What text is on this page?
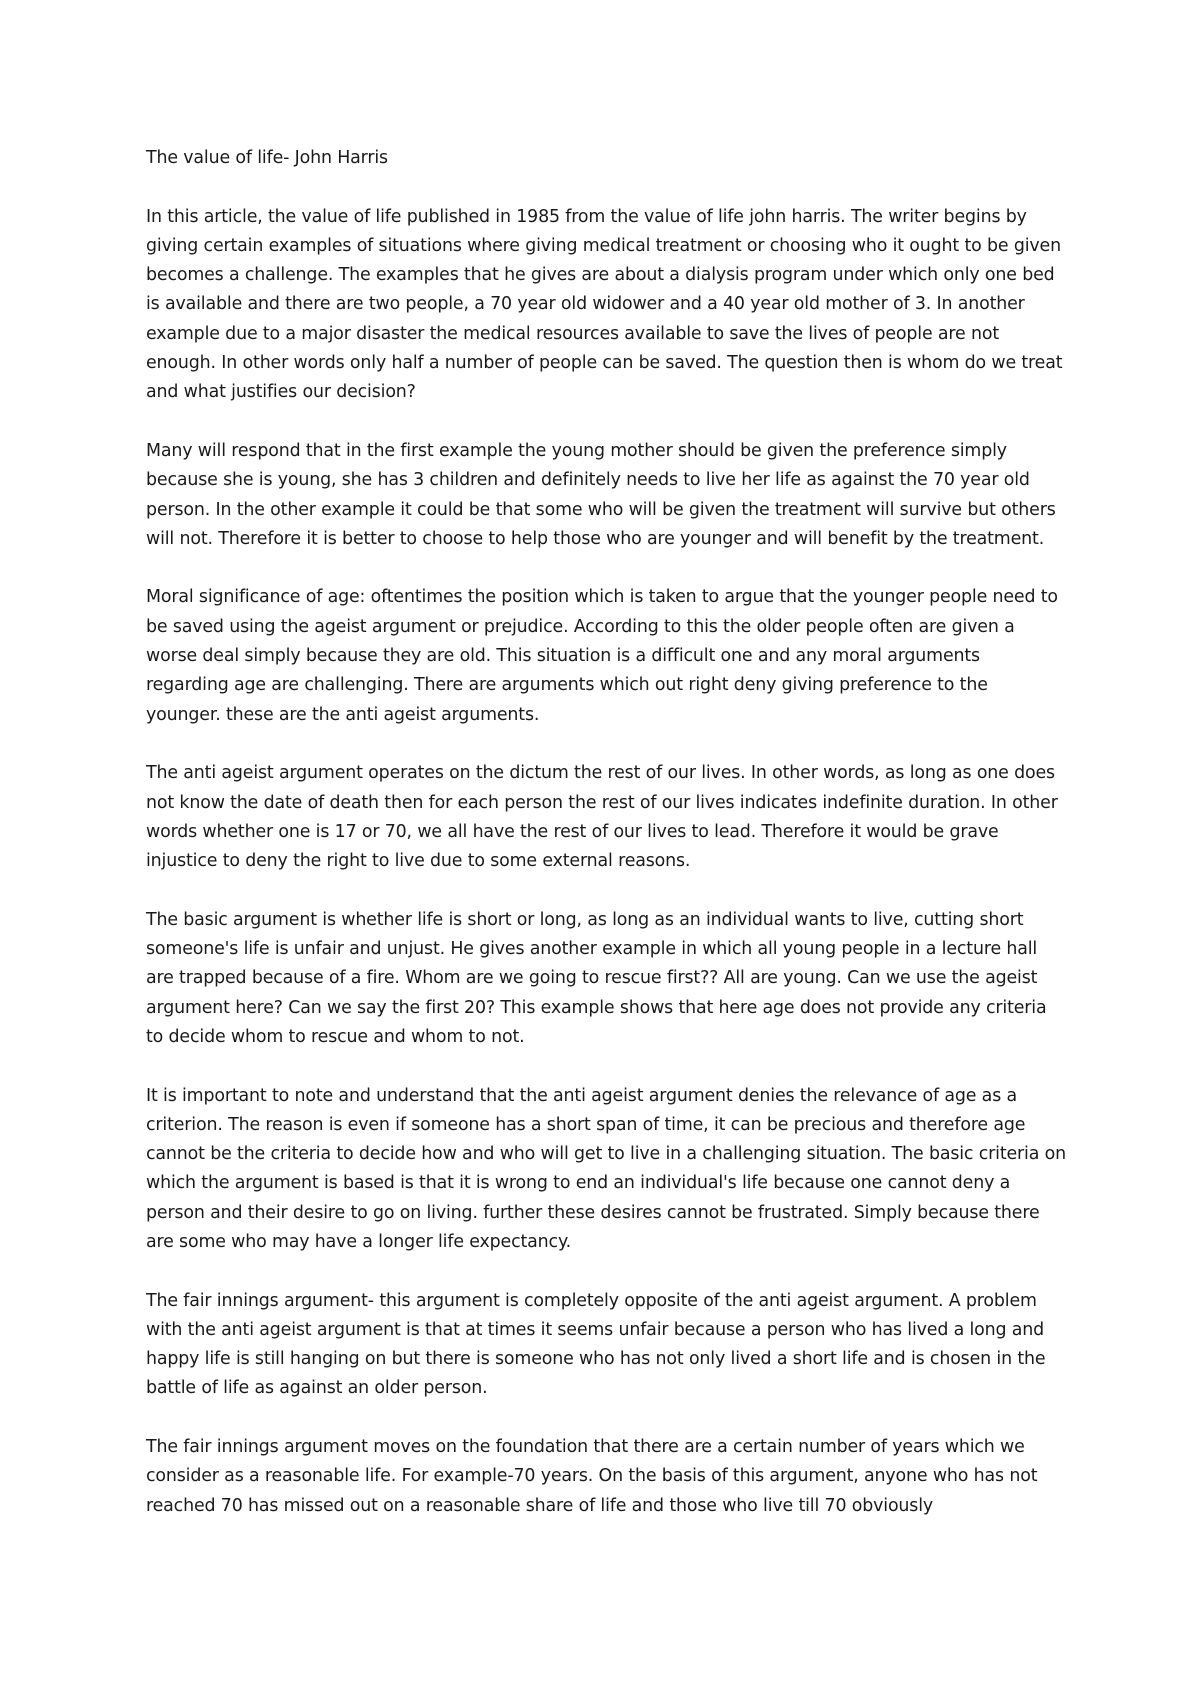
The value of life- John Harris

In this article, the value of life published in 1985 from the value of life john harris. The writer begins by giving certain examples of situations where giving medical treatment or choosing who it ought to be given becomes a challenge. The examples that he gives are about a dialysis program under which only one bed is available and there are two people, a 70 year old widower and a 40 year old mother of 3. In another example due to a major disaster the medical resources available to save the lives of people are not enough. In other words only half a number of people can be saved. The question then is whom do we treat and what justifies our decision?

Many will respond that in the first example the young mother should be given the preference simply because she is young, she has 3 children and definitely needs to live her life as against the 70 year old person. In the other example it could be that some who will be given the treatment will survive but others will not. Therefore it is better to choose to help those who are younger and will benefit by the treatment.

Moral significance of age: oftentimes the position which is taken to argue that the younger people need to be saved using the ageist argument or prejudice. According to this the older people often are given a worse deal simply because they are old. This situation is a difficult one and any moral arguments regarding age are challenging. There are arguments which out right deny giving preference to the younger. these are the anti ageist arguments.

The anti ageist argument operates on the dictum the rest of our lives. In other words, as long as one does not know the date of death then for each person the rest of our lives indicates indefinite duration. In other words whether one is 17 or 70, we all have the rest of our lives to lead. Therefore it would be grave injustice to deny the right to live due to some external reasons.

The basic argument is whether life is short or long, as long as an individual wants to live, cutting short someone's life is unfair and unjust. He gives another example in which all young people in a lecture hall are trapped because of a fire. Whom are we going to rescue first?? All are young. Can we use the ageist argument here? Can we say the first 20? This example shows that here age does not provide any criteria to decide whom to rescue and whom to not.

It is important to note and understand that the anti ageist argument denies the relevance of age as a criterion. The reason is even if someone has a short span of time, it can be precious and therefore age cannot be the criteria to decide how and who will get to live in a challenging situation. The basic criteria on which the argument is based is that it is wrong to end an individual's life because one cannot deny a person and their desire to go on living. further these desires cannot be frustrated. Simply because there are some who may have a longer life expectancy.

The fair innings argument- this argument is completely opposite of the anti ageist argument. A problem with the anti ageist argument is that at times it seems unfair because a person who has lived a long and happy life is still hanging on but there is someone who has not only lived a short life and is chosen in the battle of life as against an older person.

The fair innings argument moves on the foundation that there are a certain number of years which we consider as a reasonable life. For example-70 years. On the basis of this argument, anyone who has not reached 70 has missed out on a reasonable share of life and those who live till 70 obviously
